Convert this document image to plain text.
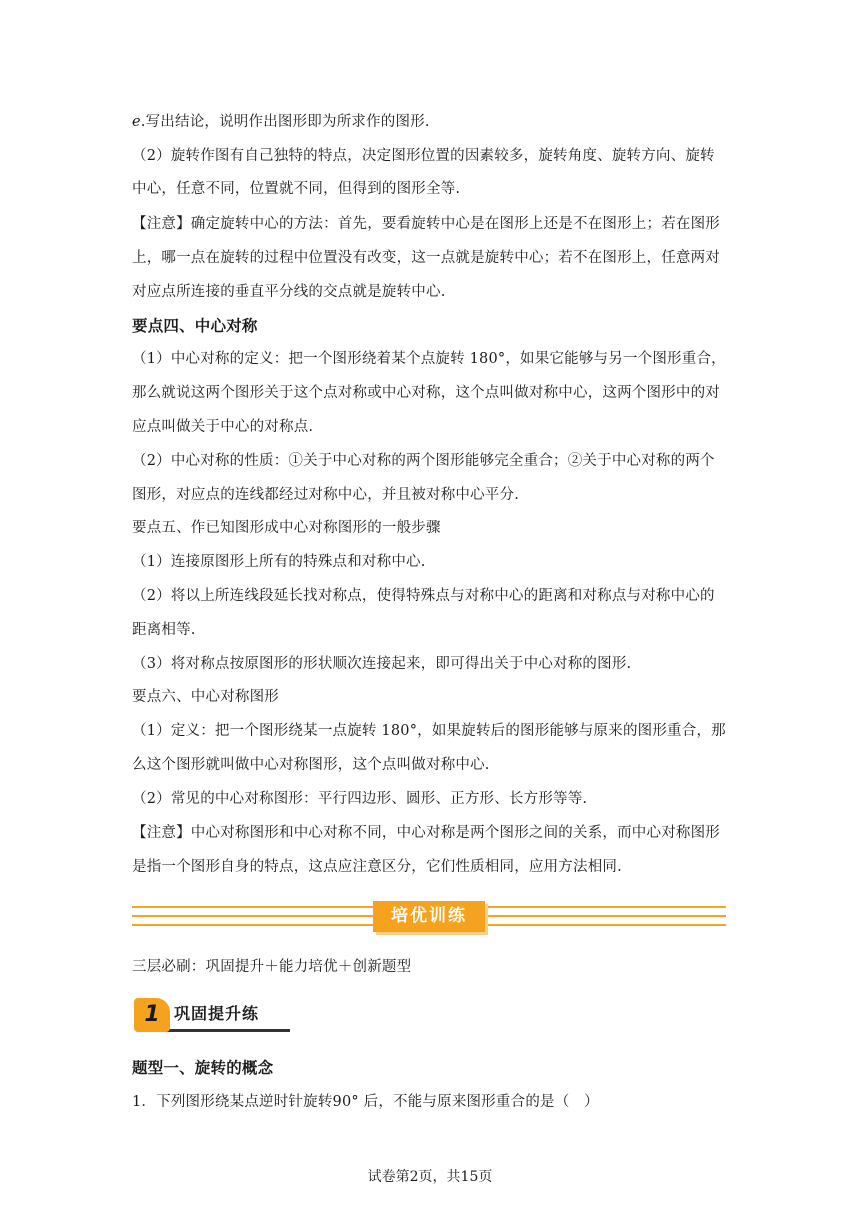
e.写出结论，说明作出图形即为所求作的图形.
（2）旋转作图有自己独特的特点，决定图形位置的因素较多，旋转角度、旋转方向、旋转
中心，任意不同，位置就不同，但得到的图形全等.
【注意】确定旋转中心的方法：首先，要看旋转中心是在图形上还是不在图形上；若在图形
上，哪一点在旋转的过程中位置没有改变，这一点就是旋转中心；若不在图形上，任意两对
对应点所连接的垂直平分线的交点就是旋转中心.
要点四、中心对称
（1）中心对称的定义：把一个图形绕着某个点旋转 180°，如果它能够与另一个图形重合，
那么就说这两个图形关于这个点对称或中心对称，这个点叫做对称中心，这两个图形中的对
应点叫做关于中心的对称点.
（2）中心对称的性质：①关于中心对称的两个图形能够完全重合；②关于中心对称的两个
图形，对应点的连线都经过对称中心，并且被对称中心平分.
要点五、作已知图形成中心对称图形的一般步骤
（1）连接原图形上所有的特殊点和对称中心.
（2）将以上所连线段延长找对称点，使得特殊点与对称中心的距离和对称点与对称中心的
距离相等.
（3）将对称点按原图形的形状顺次连接起来，即可得出关于中心对称的图形.
要点六、中心对称图形
（1）定义：把一个图形绕某一点旋转 180°，如果旋转后的图形能够与原来的图形重合，那
么这个图形就叫做中心对称图形，这个点叫做对称中心.
（2）常见的中心对称图形：平行四边形、圆形、正方形、长方形等等.
【注意】中心对称图形和中心对称不同，中心对称是两个图形之间的关系，而中心对称图形
是指一个图形自身的特点，这点应注意区分，它们性质相同，应用方法相同.
培优训练
三层必刷：巩固提升＋能力培优＋创新题型
1 巩固提升练
题型一、旋转的概念
1．下列图形绕某点逆时针旋转90° 后，不能与原来图形重合的是（　）
试卷第2页，共15页
